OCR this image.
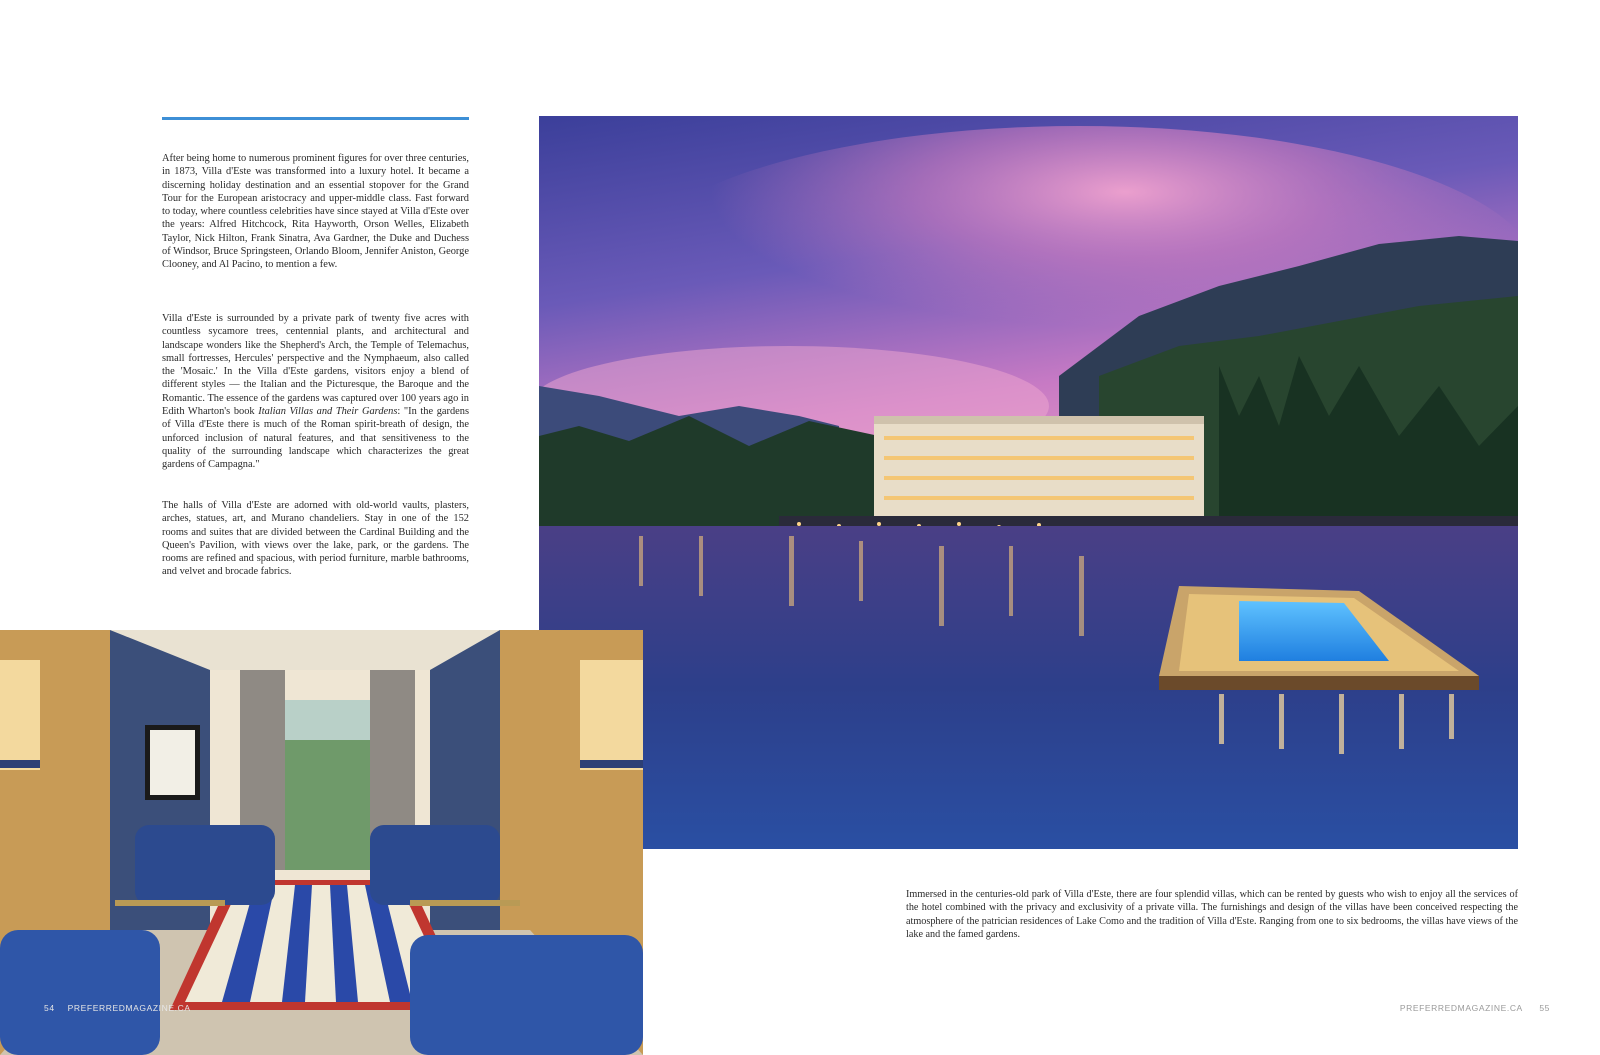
After being home to numerous prominent figures for over three centuries, in 1873, Villa d'Este was transformed into a luxury hotel. It became a discerning holiday destination and an essential stopover for the Grand Tour for the European aristocracy and upper-middle class. Fast forward to today, where countless celebrities have since stayed at Villa d'Este over the years: Alfred Hitchcock, Rita Hayworth, Orson Welles, Elizabeth Taylor, Nick Hilton, Frank Sinatra, Ava Gardner, the Duke and Duchess of Windsor, Bruce Springsteen, Orlando Bloom, Jennifer Aniston, George Clooney, and Al Pacino, to mention a few.

Villa d'Este is surrounded by a private park of twenty five acres with countless sycamore trees, centennial plants, and architectural and landscape wonders like the Shepherd's Arch, the Temple of Telemachus, small fortresses, Hercules' perspective and the Nymphaeum, also called the 'Mosaic.' In the Villa d'Este gardens, visitors enjoy a blend of different styles — the Italian and the Picturesque, the Baroque and the Romantic. The essence of the gardens was captured over 100 years ago in Edith Wharton's book Italian Villas and Their Gardens: "In the gardens of Villa d'Este there is much of the Roman spirit-breath of design, the unforced inclusion of natural features, and that sensitiveness to the quality of the surrounding landscape which characterizes the great gardens of Campagna."

The halls of Villa d'Este are adorned with old-world vaults, plasters, arches, statues, art, and Murano chandeliers. Stay in one of the 152 rooms and suites that are divided between the Cardinal Building and the Queen's Pavilion, with views over the lake, park, or the gardens. The rooms are refined and spacious, with period furniture, marble bathrooms, and velvet and brocade fabrics.

Immersed in the centuries-old park of Villa d'Este, there are four splendid villas, which can be rented by guests who wish to enjoy all the services of the hotel combined with the privacy and exclusivity of a private villa. The furnishings and design of the villas have been conceived respecting the atmosphere of the patrician residences of Lake Como and the tradition of Villa d'Este. Ranging from one to six bedrooms, the villas have views of the lake and the famed gardens.
54 PREFERREDMAGAZINE.CA	PREFERREDMAGAZINE.CA 55
